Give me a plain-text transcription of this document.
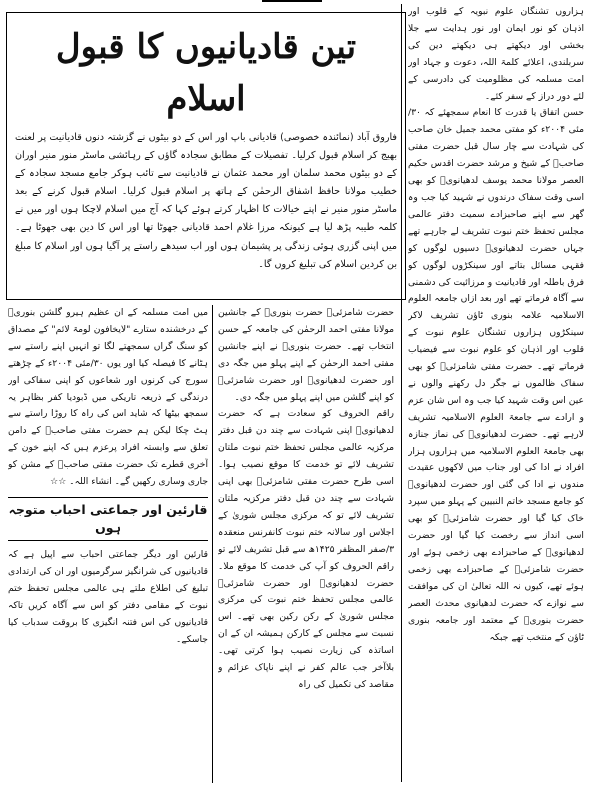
ہزاروں تشنگان علوم نبویہ کے قلوب اور اذہان کو نور ایمان اور نور ہدایت سے جلا بخشی اور دیکھتے ہی دیکھتے دین کی سربلندی، اعلائے کلمۃ اللہ، دعوت و جہاد اور امت مسلمہ کی مظلومیت کی دادرسی کے لئے دور دراز کے سفر کئے۔

حسن اتفاق یا قدرت کا انعام سمجھئے کہ ۳۰/مئی ۲۰۰۴ء کو مفتی محمد جمیل خان صاحب کی شہادت سے چار سال قبل حضرت مفتی صاحبؒ کے شیخ و مرشد حضرت اقدس حکیم العصر مولانا محمد یوسف لدھیانویؒ کو بھی اسی وقت سفاک درندوں نے شہید کیا جب وہ گھر سے اپنے صاحبزادے سمیت دفتر عالمی مجلس تحفظ ختم نبوت تشریف لے جارہے تھے جہاں حضرت لدھیانویؒ دسیوں لوگوں کو فقہی مسائل بتاتے اور سینکڑوں لوگوں کو فرق باطلہ اور قادیانیت و مرزائیت کی دشمنی سے آگاہ فرماتے تھے اور بعد ازاں جامعہ العلوم الاسلامیہ علامہ بنوری ٹاؤن تشریف لاکر سینکڑوں ہزاروں تشنگان علوم نبوت کے قلوب اور اذہان کو علوم نبوت سے فیضیاب فرماتے تھے۔ حضرت مفتی شامزئیؒ کو بھی سفاک ظالموں نے جگر دل رکھنے والوں نے عین اس وقت شہید کیا جب وہ اس شان عزم و ارادے سے جامعۃ العلوم الاسلامیہ تشریف لارہے تھے۔ حضرت لدھیانویؒ کی نماز جنازہ بھی جامعۃ العلوم الاسلامیہ میں ہزاروں ہزار افراد نے ادا کی اور جناب میں لاکھوں عقیدت مندوں نے ادا کی گئی اور حضرت لدھیانویؒ کو جامع مسجد خاتم النبیین کے پہلو میں سپرد خاک کیا گیا اور حضرت شامزئیؒ کو بھی اسی انداز سے رخصت کیا گیا اور حضرت لدھیانویؒ کے صاحبزادے بھی زخمی ہوئے اور حضرت شامزئیؒ کے صاحبزادے بھی زخمی ہوئے تھے، کیوں نہ اللہ تعالیٰ ان کی موافقت سے نوازے کہ حضرت لدھیانوی محدث العصر حضرت بنوریؒ کے معتمد اور جامعہ بنوری ٹاؤن کے منتخب تھے جبکہ

تین قادیانیوں کا قبول اسلام

فاروق آباد (نمائندہ خصوصی) قادیانی باپ اور اس کے دو بیٹوں نے گزشتہ دنوں قادیانیت پر لعنت بھیج کر اسلام قبول کرلیا۔ تفصیلات کے مطابق سجادہ گاؤں کے رہائشی ماسٹر منور منیر اوران کے دو بیٹوں محمد سلمان اور محمد عثمان نے قادیانیت سے تائب ہوکر جامع مسجد سجادہ کے خطیب مولانا حافظ اشفاق الرحمٰن کے ہاتھ پر اسلام قبول کرلیا۔ اسلام قبول کرنے کے بعد ماسٹر منور منیر نے اپنے خیالات کا اظہار کرتے ہوئے کہا کہ آج میں اسلام لاچکا ہوں اور میں نے کلمہ طیبہ پڑھ لیا ہے کیونکہ مرزا غلام احمد قادیانی جھوٹا تھا اور اس کا دین بھی جھوٹا ہے۔ میں اپنی گزری ہوئی زندگی پر پشیمان ہوں اور اب سیدھے راستے پر آگیا ہوں اور اسلام کا مبلغ بن کردین اسلام کی تبلیغ کروں گا۔

حضرت شامزئیؒ حضرت بنوریؒ کے جانشین مولانا مفتی احمد الرحمٰن کی جامعہ کے حسن انتخاب تھے۔ حضرت بنوریؒ نے اپنے جانشین مفتی احمد الرحمٰن کے اپنے پہلو میں جگہ دی اور حضرت لدھیانویؒ اور حضرت شامزئیؒ کو اپنے گلشن میں اپنے پہلو میں جگہ دی۔

راقم الحروف کو سعادت ہے کہ حضرت لدھیانویؒ اپنی شہادت سے چند دن قبل دفتر مرکزیہ عالمی مجلس تحفظ ختم نبوت ملتان تشریف لائے تو خدمت کا موقع نصیب ہوا۔ اسی طرح حضرت مفتی شامزئیؒ بھی اپنی شہادت سے چند دن قبل دفتر مرکزیہ ملتان تشریف لائے تو کہ مرکزی مجلس شوریٰ کے اجلاس اور سالانہ ختم نبوت کانفرنس منعقدہ ۳/صفر المظفر ۱۴۲۵ھ سے قبل تشریف لائے تو راقم الحروف کو آپ کی خدمت کا موقع ملا۔ حضرت لدھیانویؒ اور حضرت شامزئیؒ عالمی مجلس تحفظ ختم نبوت کی مرکزی مجلس شوریٰ کے رکن رکین بھی تھے۔ اس نسبت سے مجلس کے کارکن ہمیشہ ان کے ان اساتذہ کی زیارت نصیب ہوا کرتی تھی۔ بلاآخر جب عالم کفر نے اپنے ناپاک عزائم و مقاصد کی تکمیل کی راہ

میں امت مسلمہ کے ان عظیم ہیرو گلشن بنوریؒ کے درخشندہ ستارے "لایخافون لومۃ لائم" کے مصداق کو سنگ گراں سمجھتے لگا تو انہیں اپنے راستے سے ہٹانے کا فیصلہ کیا اور یوں ۳۰/مئی ۲۰۰۴ء کے چڑھتے سورج کی کرنوں اور شعاعوں کو اپنی سفاکی اور درندگی کے ذریعہ تاریکی میں ڈبودیا کفر بظاہر یہ سمجھ بیٹھا کہ شاید اس کی راہ کا روڑا راستے سے ہٹ چکا لیکن ہم حضرت مفتی صاحبؒ کے دامن تعلق سے وابستہ افراد پرعزم ہیں کہ اپنے خون کے آخری قطرے تک حضرت مفتی صاحبؒ کے مشن کو جاری وساری رکھیں گے۔ انشاء اللہ۔ ☆☆

قارئین اور جماعتی احباب متوجہ ہوں

قارئین اور دیگر جماعتی احباب سے اپیل ہے کہ قادیانیوں کی شرانگیز سرگرمیوں اور ان کی ارتدادی تبلیغ کی اطلاع ملتے ہی عالمی مجلس تحفظ ختم نبوت کے مقامی دفتر کو اس سے آگاہ کریں تاکہ قادیانیوں کی اس فتنہ انگیزی کا بروقت سدباب کیا جاسکے۔
